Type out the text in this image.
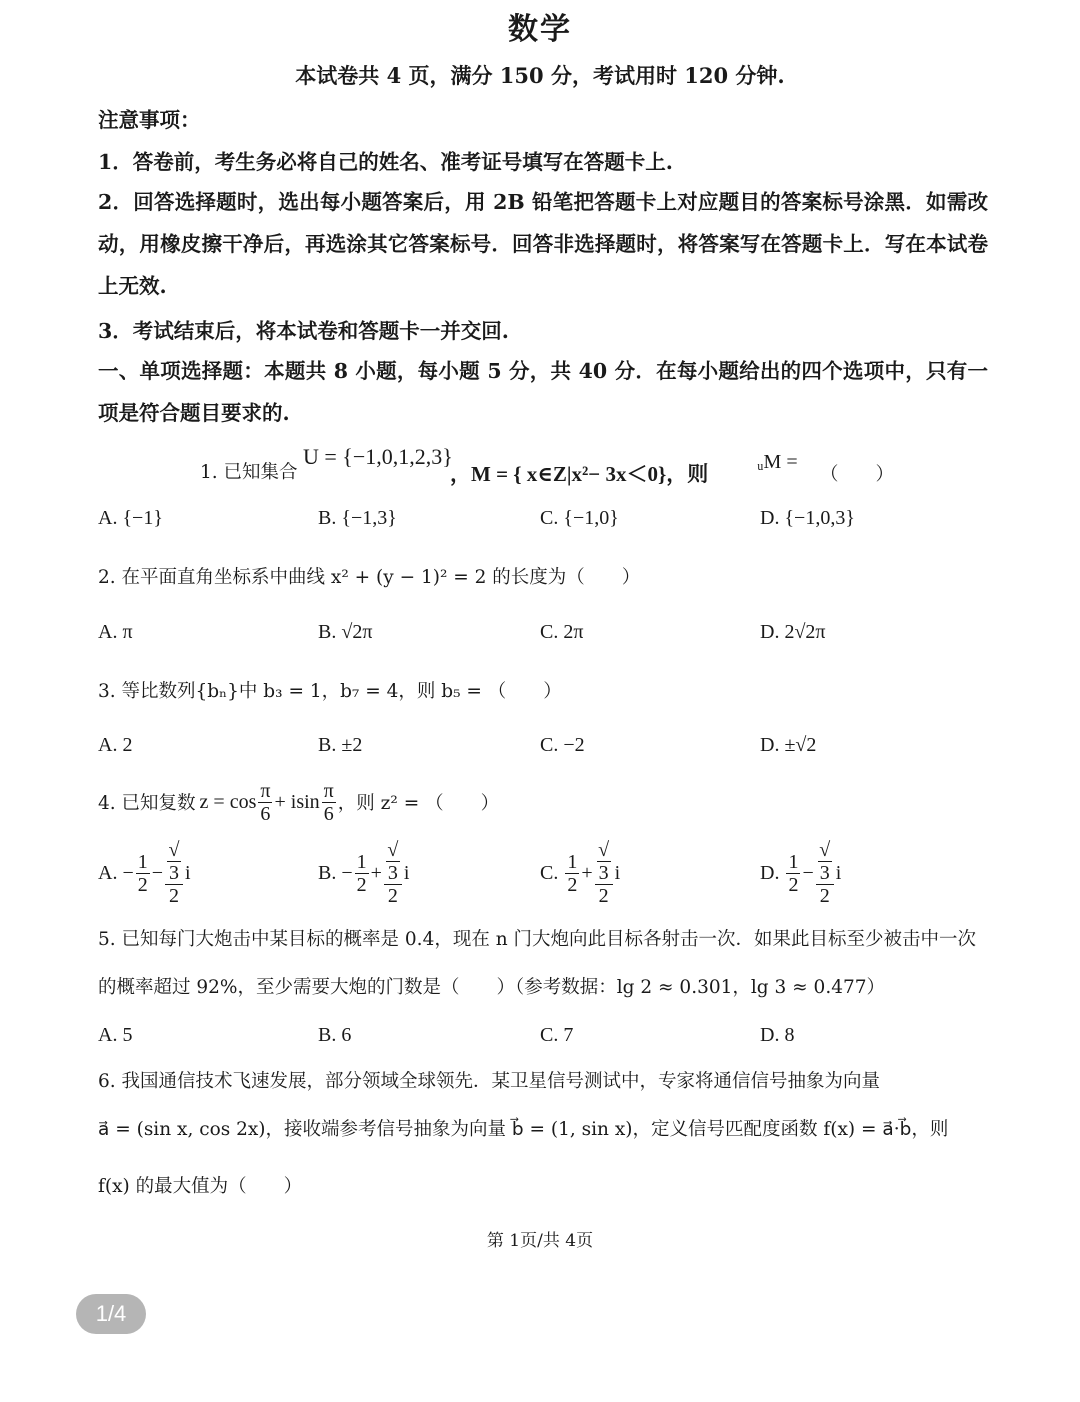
数学
本试卷共 4 页，满分 150 分，考试用时 120 分钟.
注意事项：
1．答卷前，考生务必将自己的姓名、准考证号填写在答题卡上.
2．回答选择题时，选出每小题答案后，用 2B 铅笔把答题卡上对应题目的答案标号涂黑．如需改动，用橡皮擦干净后，再选涂其它答案标号．回答非选择题时，将答案写在答题卡上．写在本试卷上无效.
3．考试结束后，将本试卷和答题卡一并交回.
一、单项选择题：本题共 8 小题，每小题 5 分，共 40 分．在每小题给出的四个选项中，只有一项是符合题目要求的.
1. 已知集合
U = {−1,0,1,2,3}
，M = { x∈Z|x²− 3x＜0}，则 ᵤM =
（　　）
A. {−1}	B. {−1,3}	C. {−1,0}	D. {−1,0,3}
2. 在平面直角坐标系中曲线 x² + (y − 1)² = 2 的长度为（　　）
A. π	B. √2π	C. 2π	D. 2√2π
3. 等比数列{bₙ}中 b₃ = 1，b₇ = 4，则 b₅ = （　　）
A. 2	B. ±2	C. −2	D. ±√2
4. 已知复数 $z = \cos \frac{\pi}{6} + isin \frac{\pi}{6}$ ，则 z² = （　　）
A.
− $\frac{1}{2}$ − √
3
2 i	B.
− $\frac{1}{2}$ + √
3
2 i	C.
$\frac{1}{2}$ + √
3
2 i	D.
$\frac{1}{2}$ − √
3
2 i
5. 已知每门大炮击中某目标的概率是 0.4，现在 n 门大炮向此目标各射击一次．如果此目标至少被击中一次
的概率超过 92%，至少需要大炮的门数是（　　）（参考数据：lg 2 ≈ 0.301，lg 3 ≈ 0.477）
A. 5	B. 6	C. 7	D. 8
6. 我国通信技术飞速发展，部分领域全球领先．某卫星信号测试中，专家将通信信号抽象为向量
a⃗ = (sin x, cos 2x)，接收端参考信号抽象为向量 b⃗ = (1, sin x)，定义信号匹配度函数 f(x) = a⃗·b⃗，则
f(x) 的最大值为（　　）
第 1页/共 4页
1/4
